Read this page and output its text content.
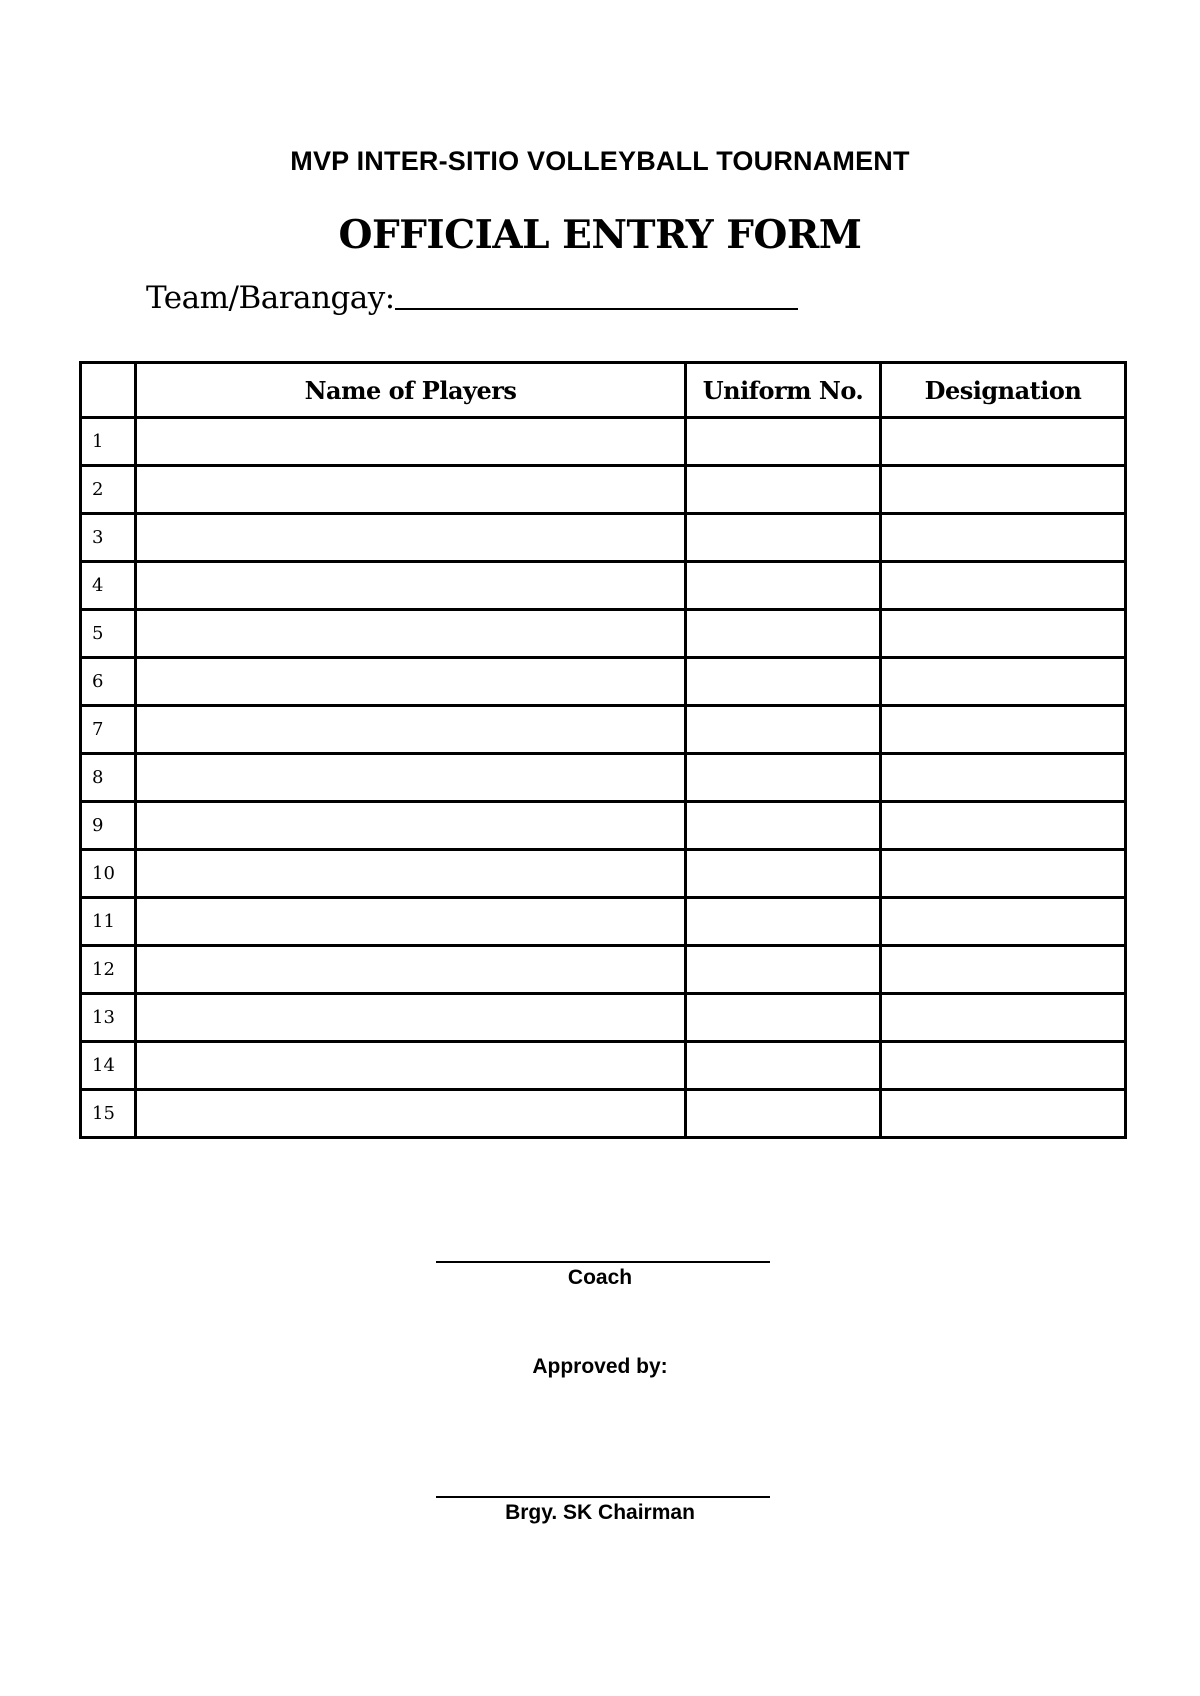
MVP INTER-SITIO VOLLEYBALL TOURNAMENT
OFFICIAL ENTRY FORM
Team/Barangay:
	Name of Players	Uniform No.	Designation
1			
2			
3			
4			
5			
6			
7			
8			
9			
10			
11			
12			
13			
14			
15			
Coach
Approved by:
Brgy. SK Chairman
